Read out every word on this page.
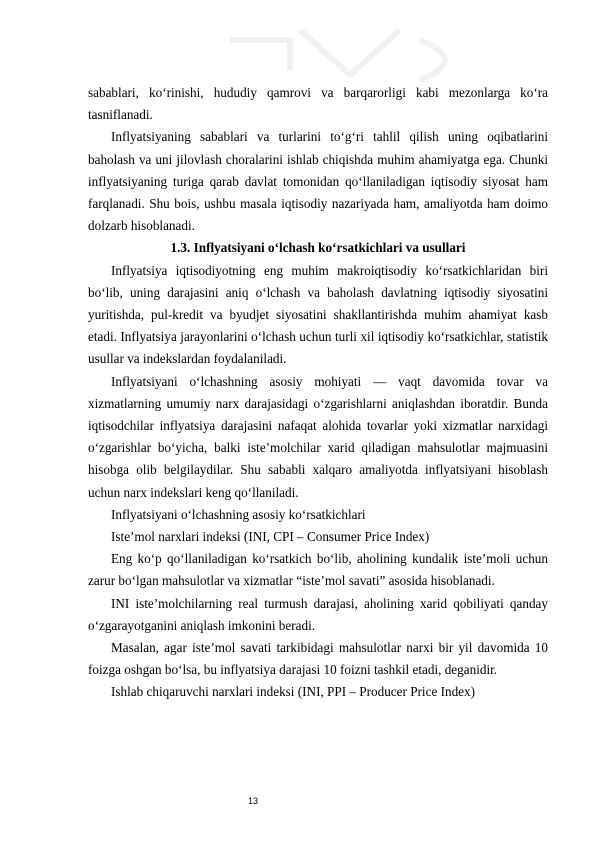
sabablari, ko‘rinishi, hududiy qamrovi va barqarorligi kabi mezonlarga ko‘ra tasniflanadi.

Inflyatsiyaning sabablari va turlarini to‘g‘ri tahlil qilish uning oqibatlarini baholash va uni jilovlash choralarini ishlab chiqishda muhim ahamiyatga ega. Chunki inflyatsiyaning turiga qarab davlat tomonidan qo‘llaniladigan iqtisodiy siyosat ham farqlanadi. Shu bois, ushbu masala iqtisodiy nazariyada ham, amaliyotda ham doimo dolzarb hisoblanadi.

1.3. Inflyatsiyani o‘lchash ko‘rsatkichlari va usullari

Inflyatsiya iqtisodiyotning eng muhim makroiqtisodiy ko‘rsatkichlaridan biri bo‘lib, uning darajasini aniq o‘lchash va baholash davlatning iqtisodiy siyosatini yuritishda, pul-kredit va byudjet siyosatini shakllantirishda muhim ahamiyat kasb etadi. Inflyatsiya jarayonlarini o‘lchash uchun turli xil iqtisodiy ko‘rsatkichlar, statistik usullar va indekslardan foydalaniladi.

Inflyatsiyani o‘lchashning asosiy mohiyati — vaqt davomida tovar va xizmatlarning umumiy narx darajasidagi o‘zgarishlarni aniqlashdan iboratdir. Bunda iqtisodchilar inflyatsiya darajasini nafaqat alohida tovarlar yoki xizmatlar narxidagi o‘zgarishlar bo‘yicha, balki iste’molchilar xarid qiladigan mahsulotlar majmuasini hisobga olib belgilaydilar. Shu sababli xalqaro amaliyotda inflyatsiyani hisoblash uchun narx indekslari keng qo‘llaniladi.

Inflyatsiyani o‘lchashning asosiy ko‘rsatkichlari

Iste’mol narxlari indeksi (INI, CPI – Consumer Price Index)

Eng ko‘p qo‘llaniladigan ko‘rsatkich bo‘lib, aholining kundalik iste’moli uchun zarur bo‘lgan mahsulotlar va xizmatlar “iste’mol savati” asosida hisoblanadi.

INI iste’molchilarning real turmush darajasi, aholining xarid qobiliyati qanday o‘zgarayotganini aniqlash imkonini beradi.

Masalan, agar iste’mol savati tarkibidagi mahsulotlar narxi bir yil davomida 10 foizga oshgan bo‘lsa, bu inflyatsiya darajasi 10 foizni tashkil etadi, deganidir.

Ishlab chiqaruvchi narxlari indeksi (INI, PPI – Producer Price Index)

13
